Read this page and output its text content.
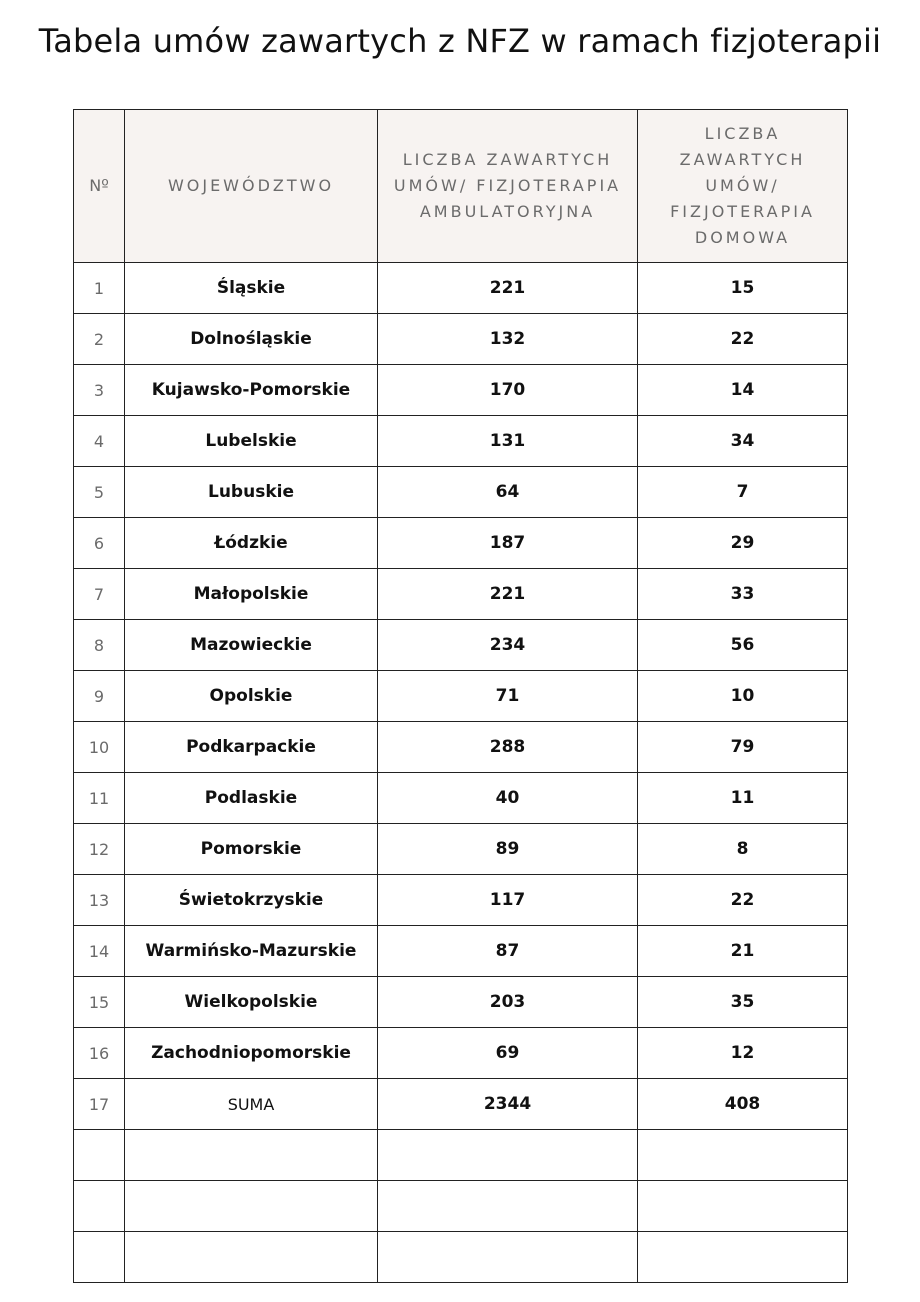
Tabela umów zawartych z NFZ w ramach fizjoterapii
Nº	WOJEWÓDZTWO	LICZBA ZAWARTYCH UMÓW/ FIZJOTERAPIA AMBULATORYJNA	LICZBA ZAWARTYCH UMÓW/ FIZJOTERAPIA DOMOWA
1	Śląskie	221	15
2	Dolnośląskie	132	22
3	Kujawsko-Pomorskie	170	14
4	Lubelskie	131	34
5	Lubuskie	64	7
6	Łódzkie	187	29
7	Małopolskie	221	33
8	Mazowieckie	234	56
9	Opolskie	71	10
10	Podkarpackie	288	79
11	Podlaskie	40	11
12	Pomorskie	89	8
13	Świetokrzyskie	117	22
14	Warmińsko-Mazurskie	87	21
15	Wielkopolskie	203	35
16	Zachodniopomorskie	69	12
17	SUMA	2344	408
